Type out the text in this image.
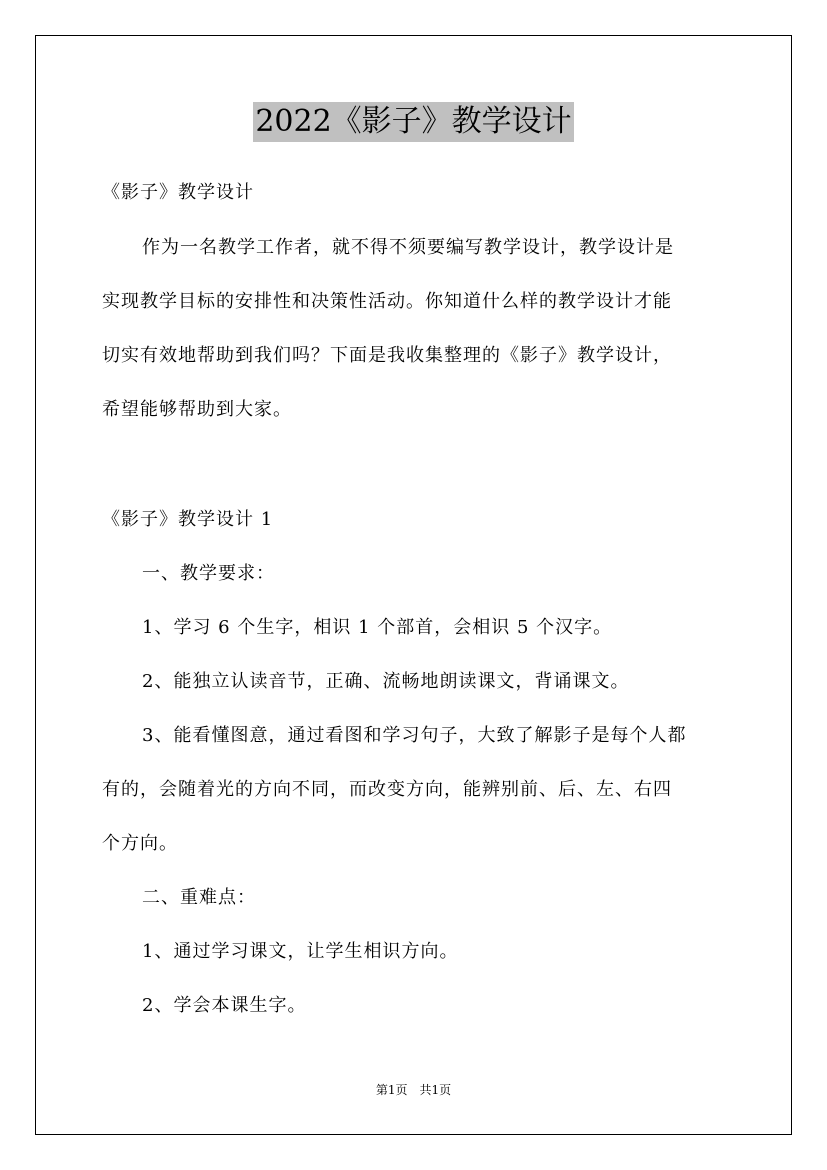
2022《影子》教学设计
《影子》教学设计
作为一名教学工作者，就不得不须要编写教学设计，教学设计是
实现教学目标的安排性和决策性活动。你知道什么样的教学设计才能
切实有效地帮助到我们吗？下面是我收集整理的《影子》教学设计，
希望能够帮助到大家。
《影子》教学设计 1
一、教学要求：
1、学习 6 个生字，相识 1 个部首，会相识 5 个汉字。
2、能独立认读音节，正确、流畅地朗读课文，背诵课文。
3、能看懂图意，通过看图和学习句子，大致了解影子是每个人都
有的，会随着光的方向不同，而改变方向，能辨别前、后、左、右四
个方向。
二、重难点：
1、通过学习课文，让学生相识方向。
2、学会本课生字。
第1页　共1页
